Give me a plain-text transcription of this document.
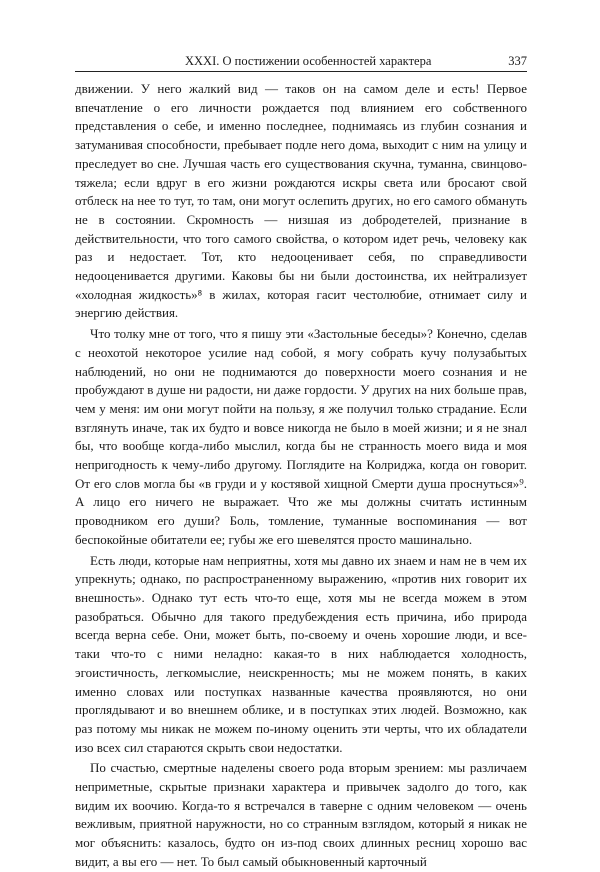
XXXI. О постижении особенностей характера	337

движении. У него жалкий вид — таков он на самом деле и есть! Первое впечатление о его личности рождается под влиянием его собственного представления о себе, и именно последнее, поднимаясь из глубин сознания и затуманивая способности, пребывает подле него дома, выходит с ним на улицу и преследует во сне. Лучшая часть его существования скучна, туманна, свинцово-тяжела; если вдруг в его жизни рождаются искры света или бросают свой отблеск на нее то тут, то там, они могут ослепить других, но его самого обмануть не в состоянии. Скромность — низшая из добродетелей, признание в действительности, что того самого свойства, о котором идет речь, человеку как раз и недостает. Тот, кто недооценивает себя, по справедливости недооценивается другими. Каковы бы ни были достоинства, их нейтрализует «холодная жидкость»⁸ в жилах, которая гасит честолюбие, отнимает силу и энергию действия.

Что толку мне от того, что я пишу эти «Застольные беседы»? Конечно, сделав с неохотой некоторое усилие над собой, я могу собрать кучу полузабытых наблюдений, но они не поднимаются до поверхности моего сознания и не пробуждают в душе ни радости, ни даже гордости. У других на них больше прав, чем у меня: им они могут пойти на пользу, я же получил только страдание. Если взглянуть иначе, так их будто и вовсе никогда не было в моей жизни; и я не знал бы, что вообще когда-либо мыслил, когда бы не странность моего вида и моя непригодность к чему-либо другому. Поглядите на Колриджа, когда он говорит. От его слов могла бы «в груди и у костявой хищной Смерти душа проснуться»⁹. А лицо его ничего не выражает. Что же мы должны считать истинным проводником его души? Боль, томление, туманные воспоминания — вот беспокойные обитатели ее; губы же его шевелятся просто машинально.

Есть люди, которые нам неприятны, хотя мы давно их знаем и нам не в чем их упрекнуть; однако, по распространенному выражению, «против них говорит их внешность». Однако тут есть что-то еще, хотя мы не всегда можем в этом разобраться. Обычно для такого предубеждения есть причина, ибо природа всегда верна себе. Они, может быть, по-своему и очень хорошие люди, и все-таки что-то с ними неладно: какая-то в них наблюдается холодность, эгоистичность, легкомыслие, неискренность; мы не можем понять, в каких именно словах или поступках названные качества проявляются, но они проглядывают и во внешнем облике, и в поступках этих людей. Возможно, как раз потому мы никак не можем по-иному оценить эти черты, что их обладатели изо всех сил стараются скрыть свои недостатки.

По счастью, смертные наделены своего рода вторым зрением: мы различаем неприметные, скрытые признаки характера и привычек задолго до того, как видим их воочию. Когда-то я встречался в таверне с одним человеком — очень вежливым, приятной наружности, но со странным взглядом, который я никак не мог объяснить: казалось, будто он из-под своих длинных ресниц хорошо вас видит, а вы его — нет. То был самый обыкновенный карточный
